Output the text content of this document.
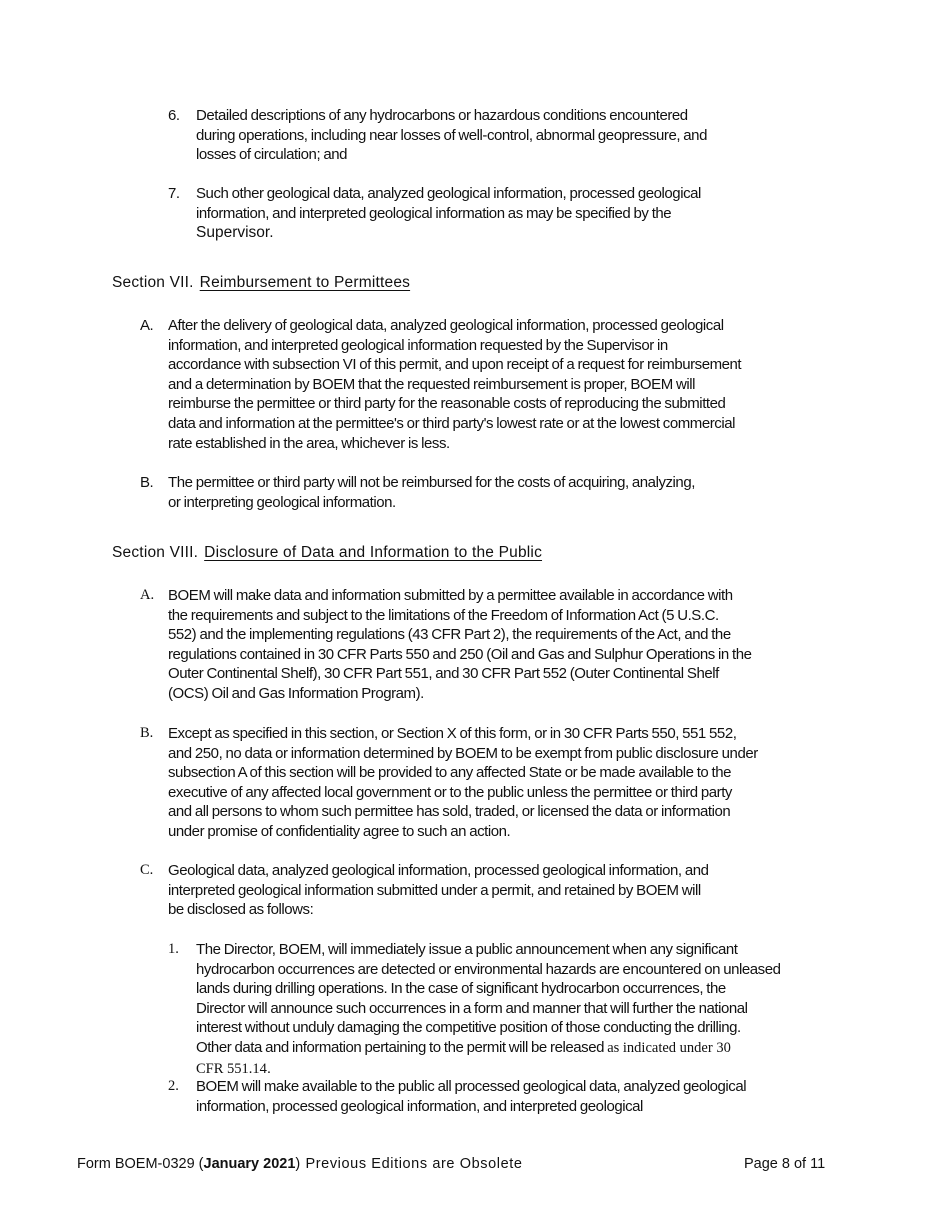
6. Detailed descriptions of any hydrocarbons or hazardous conditions encountered
during operations, including near losses of well-control, abnormal geopressure, and
losses of circulation; and
7. Such other geological data, analyzed geological information, processed geological
information, and interpreted geological information as may be specified by the
Supervisor.
Section VII. Reimbursement to Permittees
A. After the delivery of geological data, analyzed geological information, processed geological
information, and interpreted geological information requested by the Supervisor in
accordance with subsection VI of this permit, and upon receipt of a request for reimbursement
and a determination by BOEM that the requested reimbursement is proper, BOEM will
reimburse the permittee or third party for the reasonable costs of reproducing the submitted
data and information at the permittee's or third party's lowest rate or at the lowest commercial
rate established in the area, whichever is less.
B. The permittee or third party will not be reimbursed for the costs of acquiring, analyzing,
or interpreting geological information.
Section VIII. Disclosure of Data and Information to the Public
A. BOEM will make data and information submitted by a permittee available in accordance with
the requirements and subject to the limitations of the Freedom of Information Act (5 U.S.C.
552) and the implementing regulations (43 CFR Part 2), the requirements of the Act, and the
regulations contained in 30 CFR Parts 550 and 250 (Oil and Gas and Sulphur Operations in the
Outer Continental Shelf), 30 CFR Part 551, and 30 CFR Part 552 (Outer Continental Shelf
(OCS) Oil and Gas Information Program).
B. Except as specified in this section, or Section X of this form, or in 30 CFR Parts 550, 551 552,
and 250, no data or information determined by BOEM to be exempt from public disclosure under
subsection A of this section will be provided to any affected State or be made available to the
executive of any affected local government or to the public unless the permittee or third party
and all persons to whom such permittee has sold, traded, or licensed the data or information
under promise of confidentiality agree to such an action.
C. Geological data, analyzed geological information, processed geological information, and
interpreted geological information submitted under a permit, and retained by BOEM will
be disclosed as follows:
1. The Director, BOEM, will immediately issue a public announcement when any significant
hydrocarbon occurrences are detected or environmental hazards are encountered on unleased
lands during drilling operations. In the case of significant hydrocarbon occurrences, the
Director will announce such occurrences in a form and manner that will further the national
interest without unduly damaging the competitive position of those conducting the drilling.
Other data and information pertaining to the permit will be released as indicated under 30
CFR 551.14.
2. BOEM will make available to the public all processed geological data, analyzed geological
information, processed geological information, and interpreted geological
Form BOEM-0329 (January 2021) Previous Editions are Obsolete	Page 8 of 11
